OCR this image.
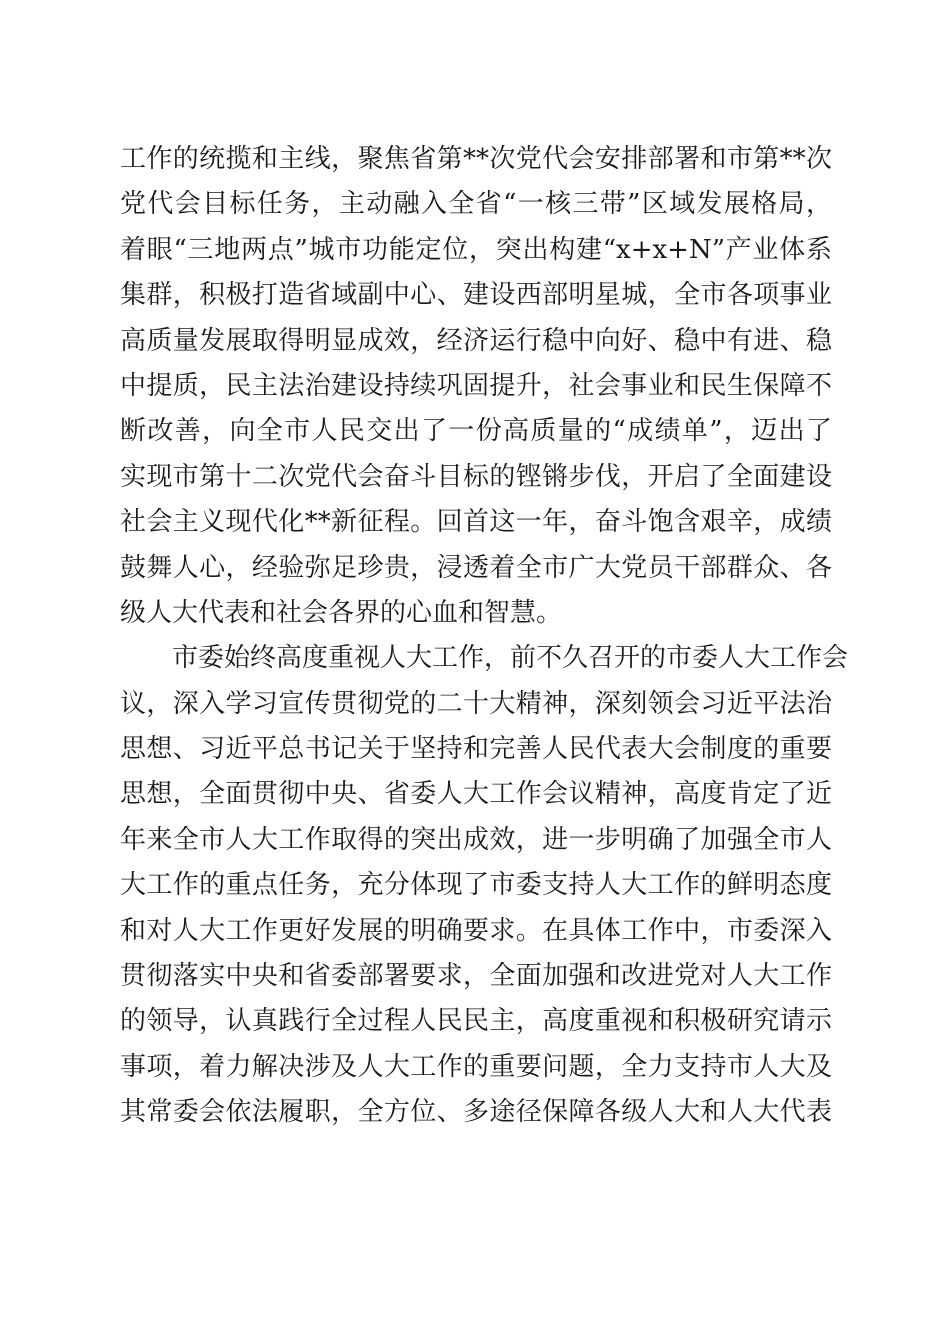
工作的统揽和主线，聚焦省第**次党代会安排部署和市第**次
党代会目标任务，主动融入全省“一核三带”区域发展格局，
着眼“三地两点”城市功能定位，突出构建“x+x+N”产业体系
集群，积极打造省域副中心、建设西部明星城，全市各项事业
高质量发展取得明显成效，经济运行稳中向好、稳中有进、稳
中提质，民主法治建设持续巩固提升，社会事业和民生保障不
断改善，向全市人民交出了一份高质量的“成绩单”，迈出了
实现市第十二次党代会奋斗目标的铿锵步伐，开启了全面建设
社会主义现代化**新征程。回首这一年，奋斗饱含艰辛，成绩
鼓舞人心，经验弥足珍贵，浸透着全市广大党员干部群众、各
级人大代表和社会各界的心血和智慧。
市委始终高度重视人大工作，前不久召开的市委人大工作会
议，深入学习宣传贯彻党的二十大精神，深刻领会习近平法治
思想、习近平总书记关于坚持和完善人民代表大会制度的重要
思想，全面贯彻中央、省委人大工作会议精神，高度肯定了近
年来全市人大工作取得的突出成效，进一步明确了加强全市人
大工作的重点任务，充分体现了市委支持人大工作的鲜明态度
和对人大工作更好发展的明确要求。在具体工作中，市委深入
贯彻落实中央和省委部署要求，全面加强和改进党对人大工作
的领导，认真践行全过程人民民主，高度重视和积极研究请示
事项，着力解决涉及人大工作的重要问题，全力支持市人大及
其常委会依法履职，全方位、多途径保障各级人大和人大代表
